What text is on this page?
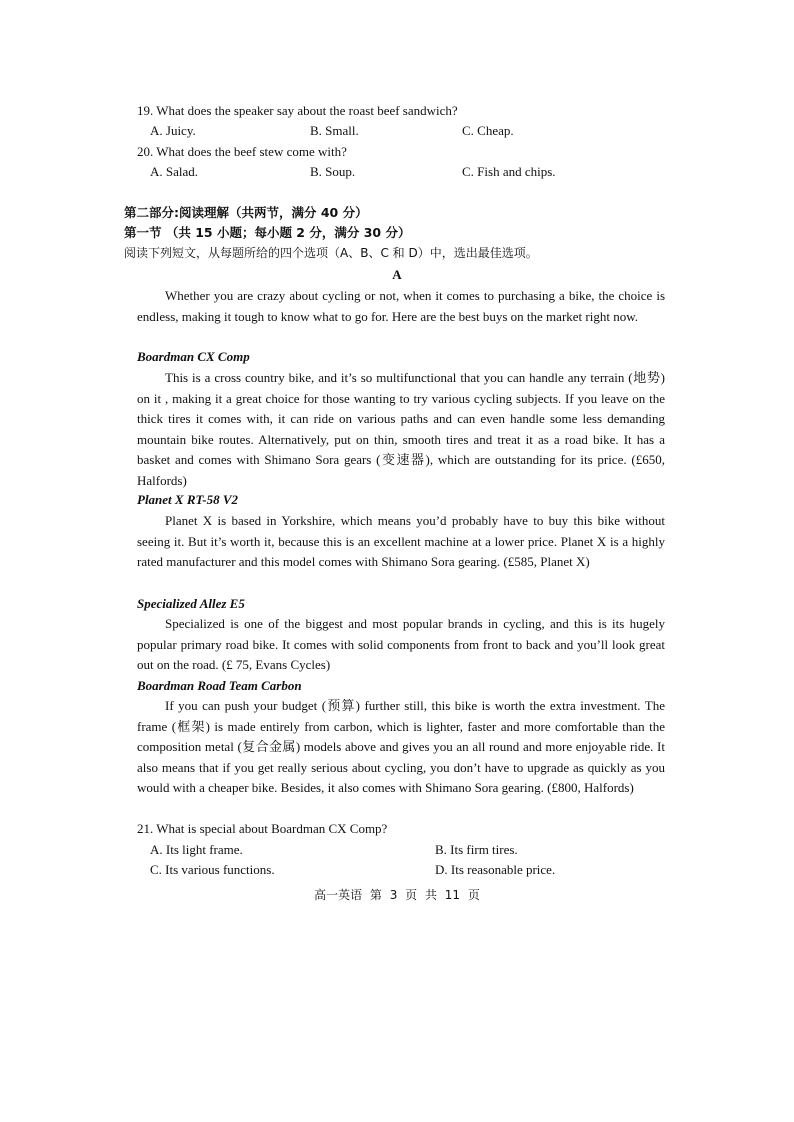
19. What does the speaker say about the roast beef sandwich?
A. Juicy.	B. Small.	C. Cheap.
20. What does the beef stew come with?
A. Salad.	B. Soup.	C. Fish and chips.
第二部分:阅读理解（共两节，满分 40 分）
第一节 （共 15 小题；每小题 2 分，满分 30 分）
阅读下列短文，从每题所给的四个选项（A、B、C 和 D）中，选出最佳选项。
A

Whether you are crazy about cycling or not, when it comes to purchasing a bike, the choice is endless, making it tough to know what to go for. Here are the best buys on the market right now.

Boardman CX Comp

This is a cross country bike, and it’s so multifunctional that you can handle any terrain (地势) on it , making it a great choice for those wanting to try various cycling subjects. If you leave on the thick tires it comes with, it can ride on various paths and can even handle some less demanding mountain bike routes. Alternatively, put on thin, smooth tires and treat it as a road bike. It has a basket and comes with Shimano Sora gears (变速器), which are outstanding for its price. (£650, Halfords)

Planet X RT-58 V2

Planet X is based in Yorkshire, which means you’d probably have to buy this bike without seeing it. But it’s worth it, because this is an excellent machine at a lower price. Planet X is a highly rated manufacturer and this model comes with Shimano Sora gearing. (£585, Planet X)

Specialized Allez E5

Specialized is one of the biggest and most popular brands in cycling, and this is its hugely popular primary road bike. It comes with solid components from front to back and you’ll look great out on the road. (£ 75, Evans Cycles)

Boardman Road Team Carbon

If you can push your budget (预算) further still, this bike is worth the extra investment. The frame (框架) is made entirely from carbon, which is lighter, faster and more comfortable than the composition metal (复合金属) models above and gives you an all round and more enjoyable ride. It also means that if you get really serious about cycling, you don’t have to upgrade as quickly as you would with a cheaper bike. Besides, it also comes with Shimano Sora gearing. (£800, Halfords)

21. What is special about Boardman CX Comp?
A. Its light frame.	B. Its firm tires.
C. Its various functions.	D. Its reasonable price.
高一英语 第 3 页 共 11 页
